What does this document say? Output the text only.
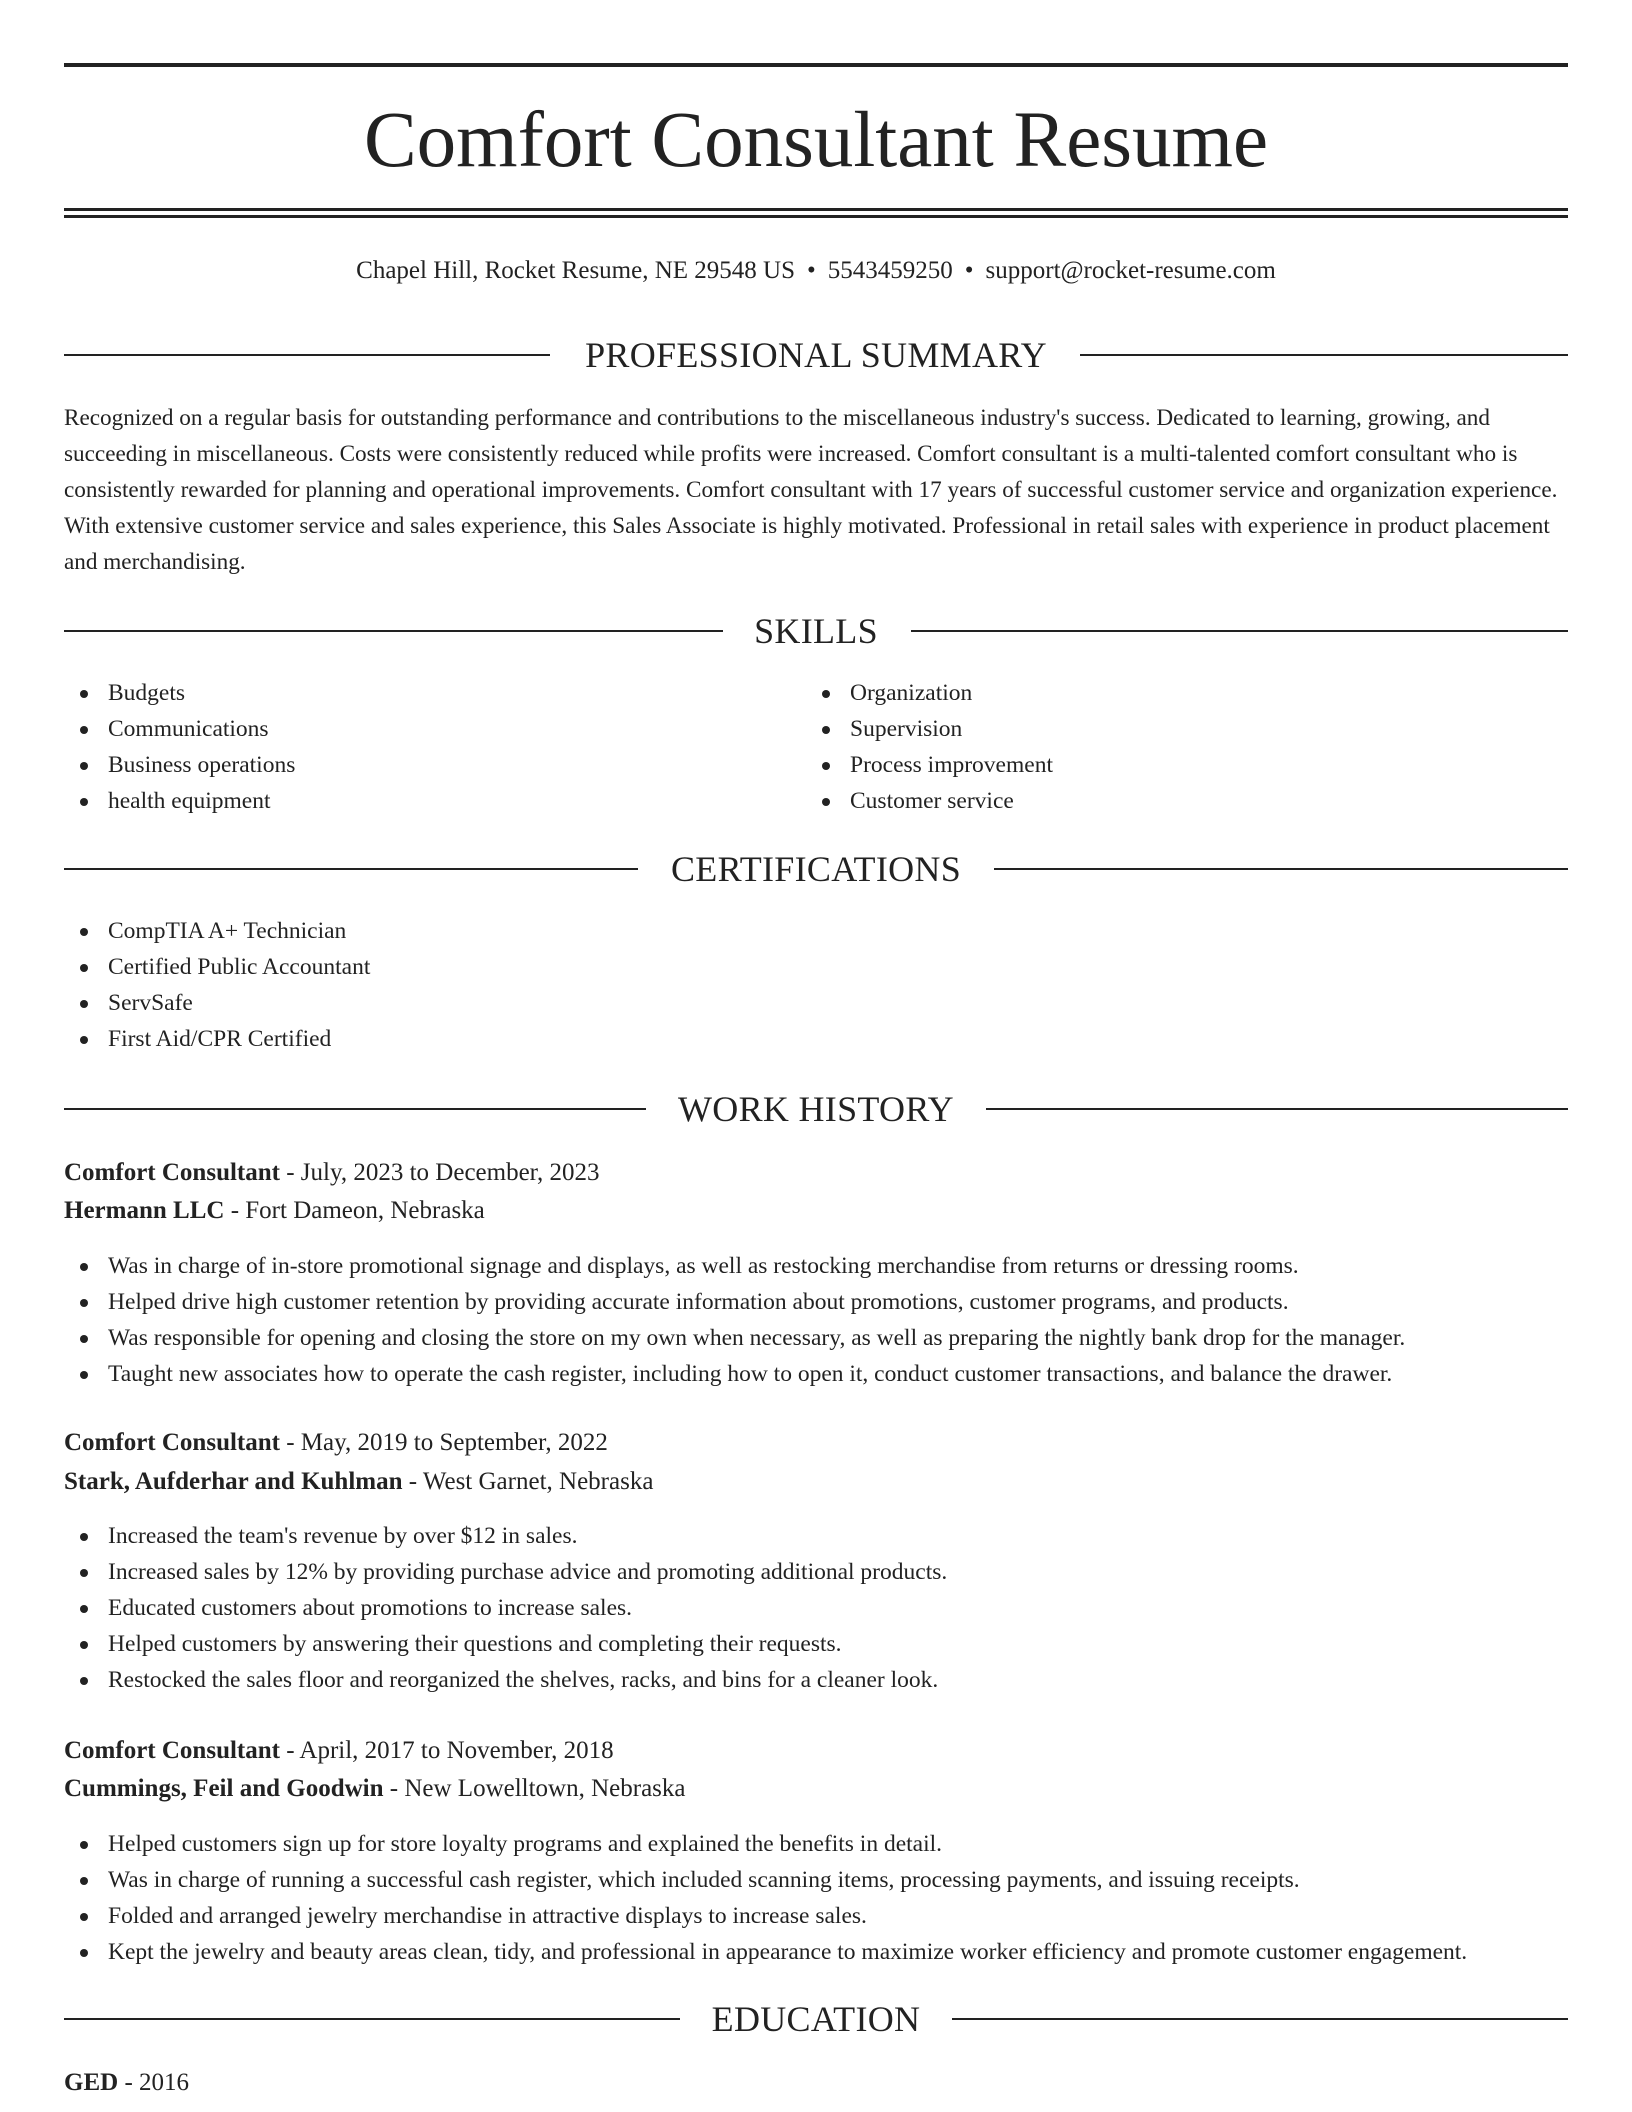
Comfort Consultant Resume
Chapel Hill, Rocket Resume, NE 29548 US • 5543459250 • support@rocket-resume.com
PROFESSIONAL SUMMARY

Recognized on a regular basis for outstanding performance and contributions to the miscellaneous industry's success. Dedicated to learning, growing, and succeeding in miscellaneous. Costs were consistently reduced while profits were increased. Comfort consultant is a multi-talented comfort consultant who is consistently rewarded for planning and operational improvements. Comfort consultant with 17 years of successful customer service and organization experience. With extensive customer service and sales experience, this Sales Associate is highly motivated. Professional in retail sales with experience in product placement and merchandising.

SKILLS
Budgets
Communications
Business operations
health equipment
Organization
Supervision
Process improvement
Customer service
CERTIFICATIONS
CompTIA A+ Technician
Certified Public Accountant
ServSafe
First Aid/CPR Certified
WORK HISTORY
Comfort Consultant - July, 2023 to December, 2023
Hermann LLC - Fort Dameon, Nebraska
Was in charge of in-store promotional signage and displays, as well as restocking merchandise from returns or dressing rooms.
Helped drive high customer retention by providing accurate information about promotions, customer programs, and products.
Was responsible for opening and closing the store on my own when necessary, as well as preparing the nightly bank drop for the manager.
Taught new associates how to operate the cash register, including how to open it, conduct customer transactions, and balance the drawer.
Comfort Consultant - May, 2019 to September, 2022
Stark, Aufderhar and Kuhlman - West Garnet, Nebraska
Increased the team's revenue by over $12 in sales.
Increased sales by 12% by providing purchase advice and promoting additional products.
Educated customers about promotions to increase sales.
Helped customers by answering their questions and completing their requests.
Restocked the sales floor and reorganized the shelves, racks, and bins for a cleaner look.
Comfort Consultant - April, 2017 to November, 2018
Cummings, Feil and Goodwin - New Lowelltown, Nebraska
Helped customers sign up for store loyalty programs and explained the benefits in detail.
Was in charge of running a successful cash register, which included scanning items, processing payments, and issuing receipts.
Folded and arranged jewelry merchandise in attractive displays to increase sales.
Kept the jewelry and beauty areas clean, tidy, and professional in appearance to maximize worker efficiency and promote customer engagement.
EDUCATION
GED - 2016
